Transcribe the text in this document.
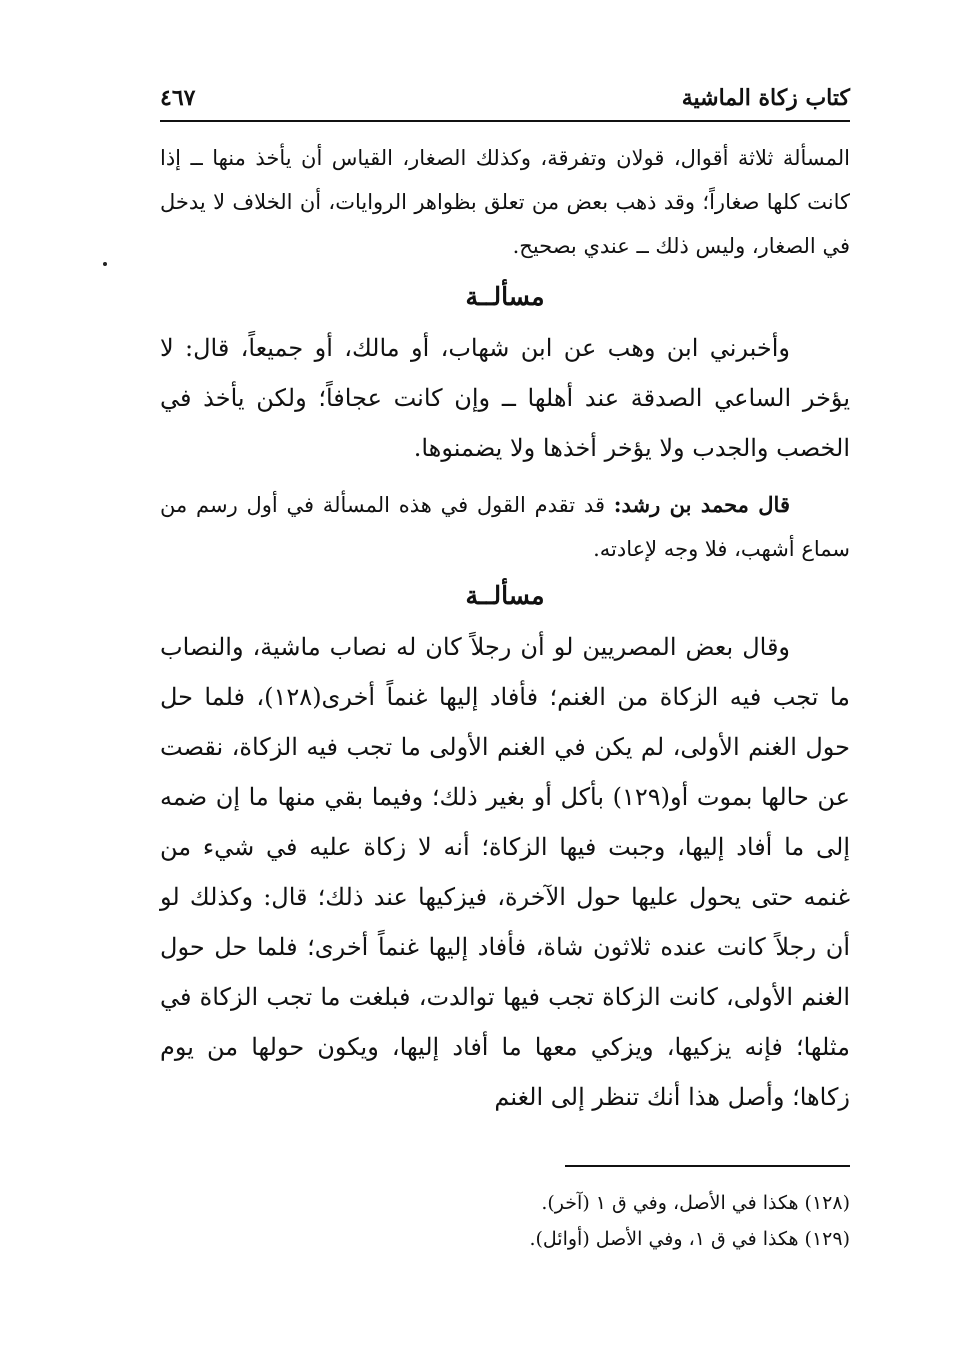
كتاب زكاة الماشية
٤٦٧

المسألة ثلاثة أقوال، قولان وتفرقة، وكذلك الصغار، القياس أن يأخذ منها ــ إذا كانت كلها صغاراً؛ وقد ذهب بعض من تعلق بظواهر الروايات، أن الخلاف لا يدخل في الصغار، وليس ذلك ــ عندي بصحيح.

مسألــة

وأخبرني ابن وهب عن ابن شهاب، أو مالك، أو جميعاً، قال: لا يؤخر الساعي الصدقة عند أهلها ــ وإن كانت عجافاً؛ ولكن يأخذ في الخصب والجدب ولا يؤخر أخذها ولا يضمنوها.

قال محمد بن رشد: قد تقدم القول في هذه المسألة في أول رسم من سماع أشهب، فلا وجه لإعادته.

مسألــة

وقال بعض المصريين لو أن رجلاً كان له نصاب ماشية، والنصاب ما تجب فيه الزكاة من الغنم؛ فأفاد إليها غنماً أخرى(١٢٨)، فلما حل حول الغنم الأولى، لم يكن في الغنم الأولى ما تجب فيه الزكاة، نقصت عن حالها بموت أو(١٢٩) بأكل أو بغير ذلك؛ وفيما بقي منها ما إن ضمه إلى ما أفاد إليها، وجبت فيها الزكاة؛ أنه لا زكاة عليه في شيء من غنمه حتى يحول عليها حول الآخرة، فيزكيها عند ذلك؛ قال: وكذلك لو أن رجلاً كانت عنده ثلاثون شاة، فأفاد إليها غنماً أخرى؛ فلما حل حول الغنم الأولى، كانت الزكاة تجب فيها توالدت، فبلغت ما تجب الزكاة في مثلها؛ فإنه يزكيها، ويزكي معها ما أفاد إليها، ويكون حولها من يوم زكاها؛ وأصل هذا أنك تنظر إلى الغنم

(١٢٨) هكذا في الأصل، وفي ق ١ (آخر).

(١٢٩) هكذا في ق ١، وفي الأصل (أوائل).
